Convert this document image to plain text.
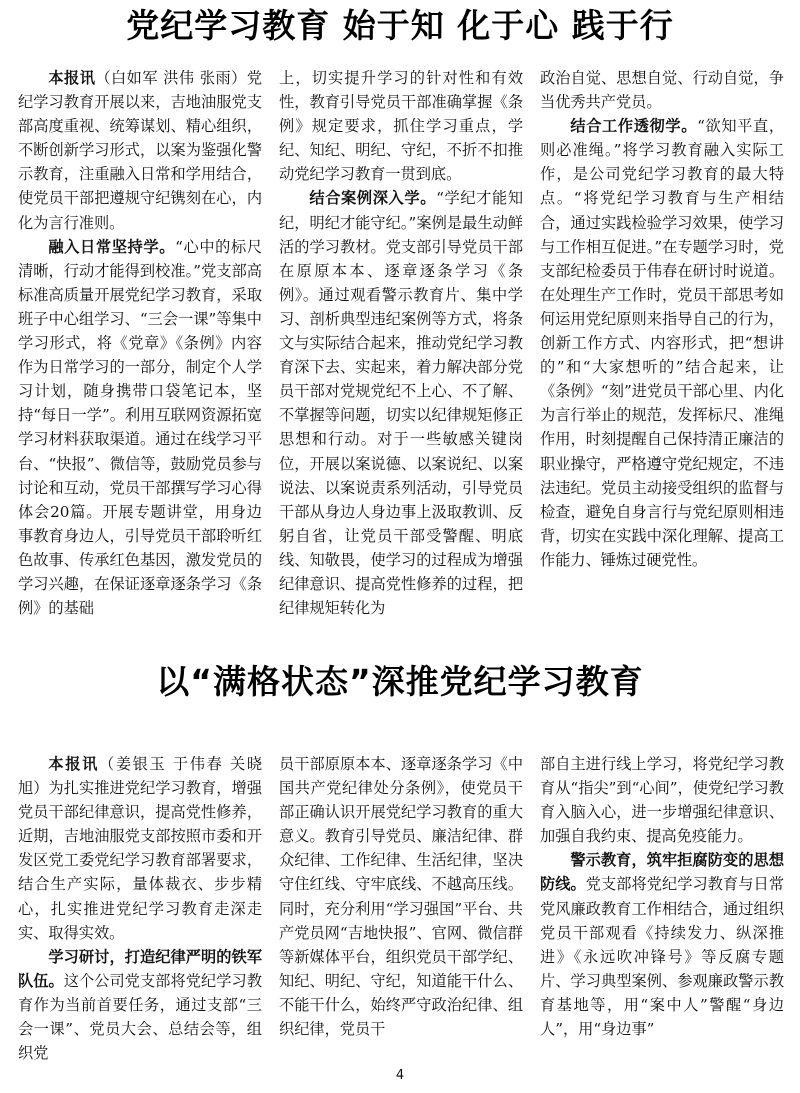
党纪学习教育 始于知 化于心 践于行

本报讯（白如军 洪伟 张雨）党纪学习教育开展以来，吉地油服党支部高度重视、统筹谋划、精心组织，不断创新学习形式，以案为鉴强化警示教育，注重融入日常和学用结合，使党员干部把遵规守纪镌刻在心，内化为言行准则。

融入日常坚持学。“心中的标尺清晰，行动才能得到校准。”党支部高标准高质量开展党纪学习教育，采取班子中心组学习、“三会一课”等集中学习形式，将《党章》《条例》内容作为日常学习的一部分，制定个人学习计划，随身携带口袋笔记本，坚持“每日一学”。利用互联网资源拓宽学习材料获取渠道。通过在线学习平台、“快报”、微信等，鼓励党员参与讨论和互动，党员干部撰写学习心得体会20篇。开展专题讲堂，用身边事教育身边人，引导党员干部聆听红色故事、传承红色基因，激发党员的学习兴趣，在保证逐章逐条学习《条例》的基础

上，切实提升学习的针对性和有效性，教育引导党员干部准确掌握《条例》规定要求，抓住学习重点，学纪、知纪、明纪、守纪，不折不扣推动党纪学习教育一贯到底。

结合案例深入学。“学纪才能知纪，明纪才能守纪。”案例是最生动鲜活的学习教材。党支部引导党员干部在原原本本、逐章逐条学习《条例》。通过观看警示教育片、集中学习、剖析典型违纪案例等方式，将条文与实际结合起来，推动党纪学习教育深下去、实起来，着力解决部分党员干部对党规党纪不上心、不了解、不掌握等问题，切实以纪律规矩修正思想和行动。对于一些敏感关键岗位，开展以案说德、以案说纪、以案说法、以案说责系列活动，引导党员干部从身边人身边事上汲取教训、反躬自省，让党员干部受警醒、明底线、知敬畏，使学习的过程成为增强纪律意识、提高党性修养的过程，把纪律规矩转化为

政治自觉、思想自觉、行动自觉，争当优秀共产党员。

结合工作透彻学。“欲知平直，则必准绳。”将学习教育融入实际工作，是公司党纪学习教育的最大特点。“将党纪学习教育与生产相结合，通过实践检验学习效果，使学习与工作相互促进。”在专题学习时，党支部纪检委员于伟春在研讨时说道。在处理生产工作时，党员干部思考如何运用党纪原则来指导自己的行为，创新工作方式、内容形式，把“想讲的”和“大家想听的”结合起来，让《条例》“刻”进党员干部心里、内化为言行举止的规范，发挥标尺、准绳作用，时刻提醒自己保持清正廉洁的职业操守，严格遵守党纪规定，不违法违纪。党员主动接受组织的监督与检查，避免自身言行与党纪原则相违背，切实在实践中深化理解、提高工作能力、锤炼过硬党性。

以“满格状态”深推党纪学习教育

本报讯（姜银玉 于伟春 关晓旭）为扎实推进党纪学习教育，增强党员干部纪律意识，提高党性修养，近期，吉地油服党支部按照市委和开发区党工委党纪学习教育部署要求，结合生产实际，量体裁衣、步步精心，扎实推进党纪学习教育走深走实、取得实效。

学习研讨，打造纪律严明的铁军队伍。这个公司党支部将党纪学习教育作为当前首要任务，通过支部“三会一课”、党员大会、总结会等，组织党

员干部原原本本、逐章逐条学习《中国共产党纪律处分条例》，使党员干部正确认识开展党纪学习教育的重大意义。教育引导党员、廉洁纪律、群众纪律、工作纪律、生活纪律，坚决守住红线、守牢底线、不越高压线。同时，充分利用“学习强国”平台、共产党员网“吉地快报”、官网、微信群等新媒体平台，组织党员干部学纪、知纪、明纪、守纪，知道能干什么、不能干什么，始终严守政治纪律、组织纪律，党员干

部自主进行线上学习，将党纪学习教育从“指尖”到“心间”，使党纪学习教育入脑入心，进一步增强纪律意识、加强自我约束、提高免疫能力。

警示教育，筑牢拒腐防变的思想防线。党支部将党纪学习教育与日常党风廉政教育工作相结合，通过组织党员干部观看《持续发力、纵深推进》《永远吹冲锋号》等反腐专题片、学习典型案例、参观廉政警示教育基地等，用“案中人”警醒“身边人”，用“身边事”

4
